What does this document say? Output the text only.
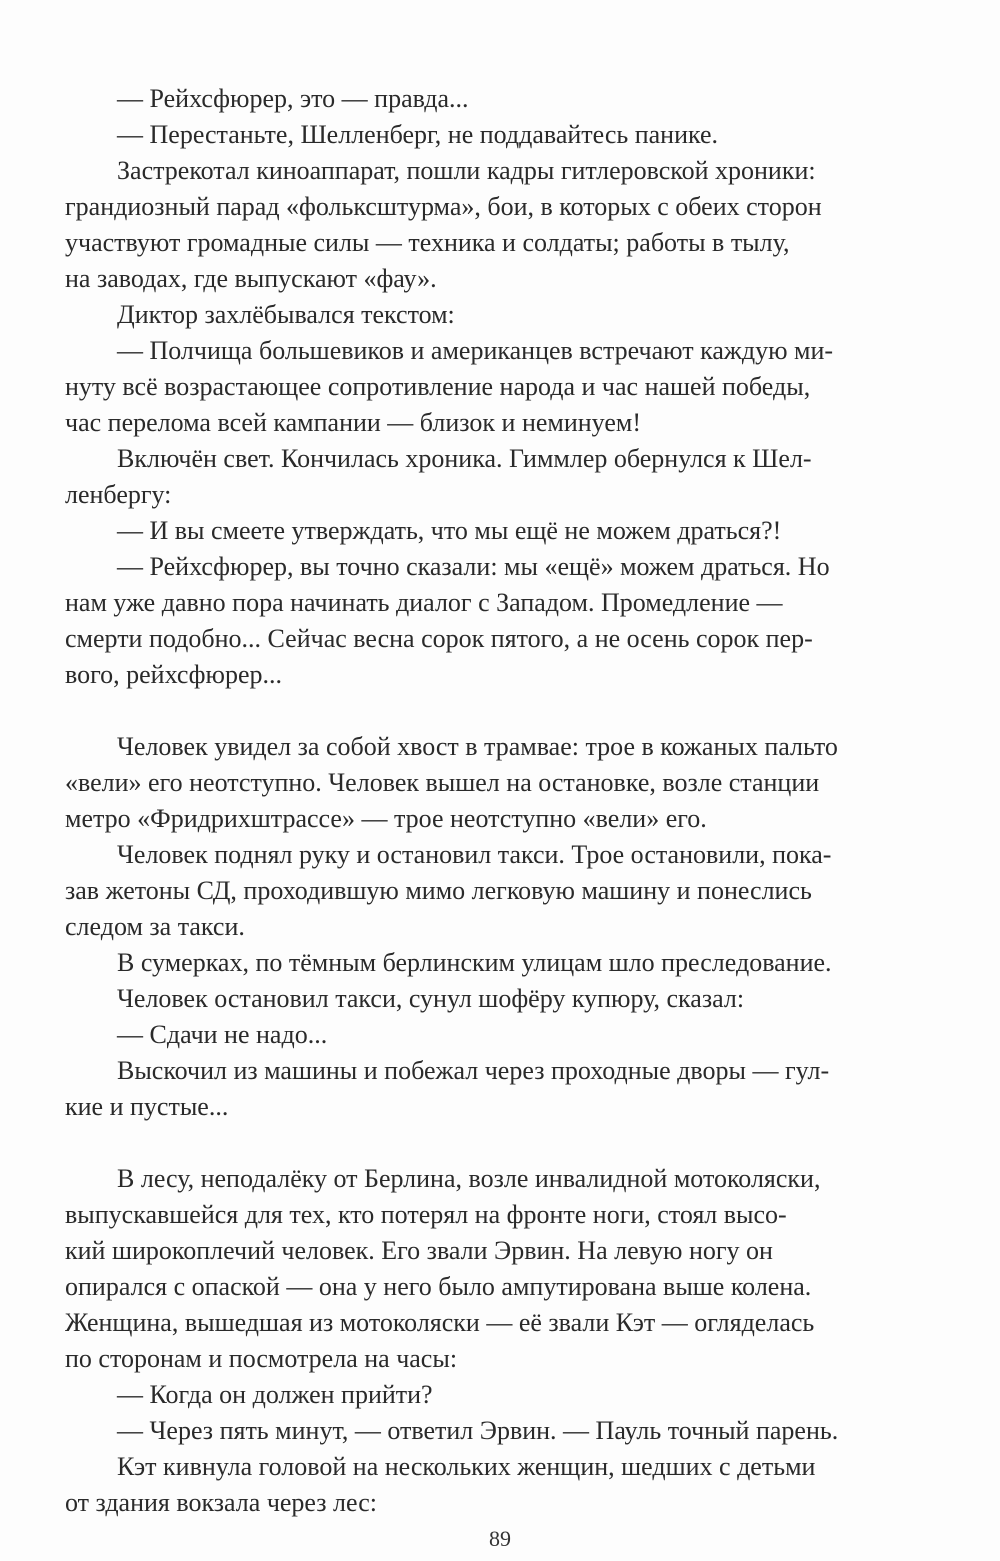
— Рейхсфюрер, это — правда...
— Перестаньте, Шелленберг, не поддавайтесь панике.
Застрекотал киноаппарат, пошли кадры гитлеровской хроники:
грандиозный парад «фольксштурма», бои, в которых с обеих сторон
участвуют громадные силы — техника и солдаты; работы в тылу,
на заводах, где выпускают «фау».
Диктор захлёбывался текстом:
— Полчища большевиков и американцев встречают каждую ми-
нуту всё возрастающее сопротивление народа и час нашей победы,
час перелома всей кампании — близок и неминуем!
Включён свет. Кончилась хроника. Гиммлер обернулся к Шел-
ленбергу:
— И вы смеете утверждать, что мы ещё не можем драться?!
— Рейхсфюрер, вы точно сказали: мы «ещё» можем драться. Но
нам уже давно пора начинать диалог с Западом. Промедление —
смерти подобно... Сейчас весна сорок пятого, а не осень сорок пер-
вого, рейхсфюрер...
Человек увидел за собой хвост в трамвае: трое в кожаных пальто
«вели» его неотступно. Человек вышел на остановке, возле станции
метро «Фридрихштрассе» — трое неотступно «вели» его.
Человек поднял руку и остановил такси. Трое остановили, пока-
зав жетоны СД, проходившую мимо легковую машину и понеслись
следом за такси.
В сумерках, по тёмным берлинским улицам шло преследование.
Человек остановил такси, сунул шофёру купюру, сказал:
— Сдачи не надо...
Выскочил из машины и побежал через проходные дворы — гул-
кие и пустые...
В лесу, неподалёку от Берлина, возле инвалидной мотоколяски,
выпускавшейся для тех, кто потерял на фронте ноги, стоял высо-
кий широкоплечий человек. Его звали Эрвин. На левую ногу он
опирался с опаской — она у него было ампутирована выше колена.
Женщина, вышедшая из мотоколяски — её звали Кэт — огляделась
по сторонам и посмотрела на часы:
— Когда он должен прийти?
— Через пять минут, — ответил Эрвин. — Пауль точный парень.
Кэт кивнула головой на нескольких женщин, шедших с детьми
от здания вокзала через лес:
89
